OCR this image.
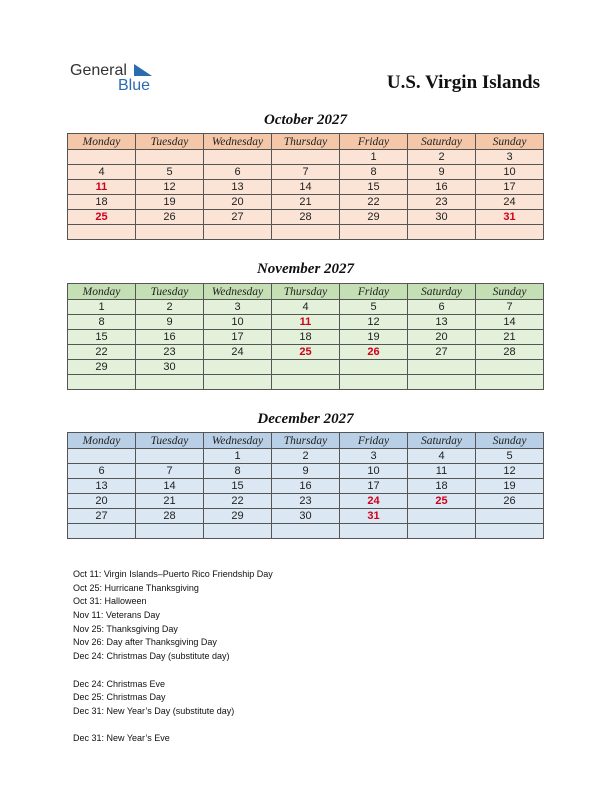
General
Blue	U.S. Virgin Islands
October 2027
Monday	Tuesday	Wednesday	Thursday	Friday	Saturday	Sunday
				1	2	3
4	5	6	7	8	9	10
11	12	13	14	15	16	17
18	19	20	21	22	23	24
25	26	27	28	29	30	31

November 2027
Monday	Tuesday	Wednesday	Thursday	Friday	Saturday	Sunday
1	2	3	4	5	6	7
8	9	10	11	12	13	14
15	16	17	18	19	20	21
22	23	24	25	26	27	28
29	30					

December 2027
Monday	Tuesday	Wednesday	Thursday	Friday	Saturday	Sunday
		1	2	3	4	5
6	7	8	9	10	11	12
13	14	15	16	17	18	19
20	21	22	23	24	25	26
27	28	29	30	31		

Oct 11: Virgin Islands–Puerto Rico Friendship Day
Oct 25: Hurricane Thanksgiving
Oct 31: Halloween
Nov 11: Veterans Day
Nov 25: Thanksgiving Day
Nov 26: Day after Thanksgiving Day
Dec 24: Christmas Day (substitute day)
Dec 24: Christmas Eve
Dec 25: Christmas Day
Dec 31: New Year’s Day (substitute day)
Dec 31: New Year’s Eve
